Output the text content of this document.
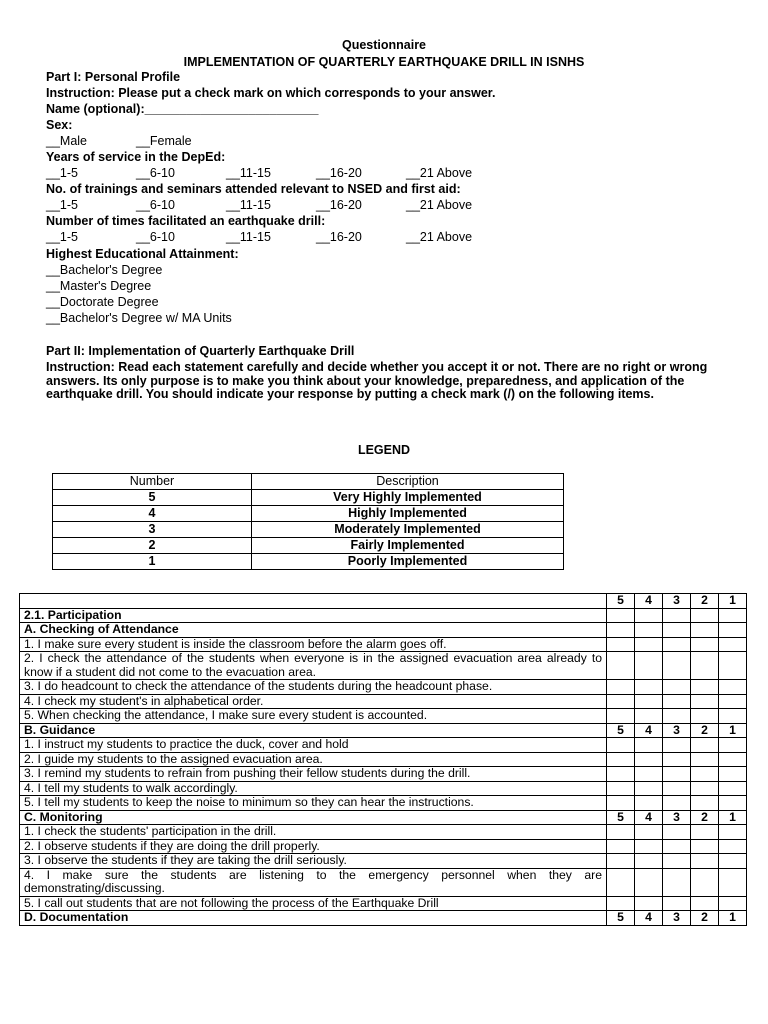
Questionnaire
IMPLEMENTATION OF QUARTERLY EARTHQUAKE DRILL IN ISNHS
Part I: Personal Profile
Instruction: Please put a check mark on which corresponds to your answer.
Name (optional):_________________________
Sex:
__Male	__Female
Years of service in the DepEd:
__1-5	__6-10	__11-15	__16-20	__21 Above
No. of trainings and seminars attended relevant to NSED and first aid:
__1-5	__6-10	__11-15	__16-20	__21 Above
Number of times facilitated an earthquake drill:
__1-5	__6-10	__11-15	__16-20	__21 Above
Highest Educational Attainment:
__Bachelor's Degree
__Master's Degree
__Doctorate Degree
__Bachelor's Degree w/ MA Units
Part II: Implementation of Quarterly Earthquake Drill
Instruction: Read each statement carefully and decide whether you accept it or not. There are no right or wrong answers. Its only purpose is to make you think about your knowledge, preparedness, and application of the earthquake drill. You should indicate your response by putting a check mark (/) on the following items.
LEGEND
Number	Description
5	Very Highly Implemented
4	Highly Implemented
3	Moderately Implemented
2	Fairly Implemented
1	Poorly Implemented
	5	4	3	2	1
2.1. Participation					
A. Checking of Attendance					
1. I make sure every student is inside the classroom before the alarm goes off.					
2. I check the attendance of the students when everyone is in the assigned evacuation area already to know if a student did not come to the evacuation area.					
3. I do headcount to check the attendance of the students during the headcount phase.					
4. I check my student's in alphabetical order.					
5. When checking the attendance, I make sure every student is accounted.					
B. Guidance	5	4	3	2	1
1. I instruct my students to practice the duck, cover and hold					
2. I guide my students to the assigned evacuation area.					
3. I remind my students to refrain from pushing their fellow students during the drill.					
4. I tell my students to walk accordingly.					
5. I tell my students to keep the noise to minimum so they can hear the instructions.					
C. Monitoring	5	4	3	2	1
1. I check the students' participation in the drill.					
2. I observe students if they are doing the drill properly.					
3. I observe the students if they are taking the drill seriously.					
4. I make sure the students are listening to the emergency personnel when they are demonstrating/discussing.					
5. I call out students that are not following the process of the Earthquake Drill					
D. Documentation	5	4	3	2	1
